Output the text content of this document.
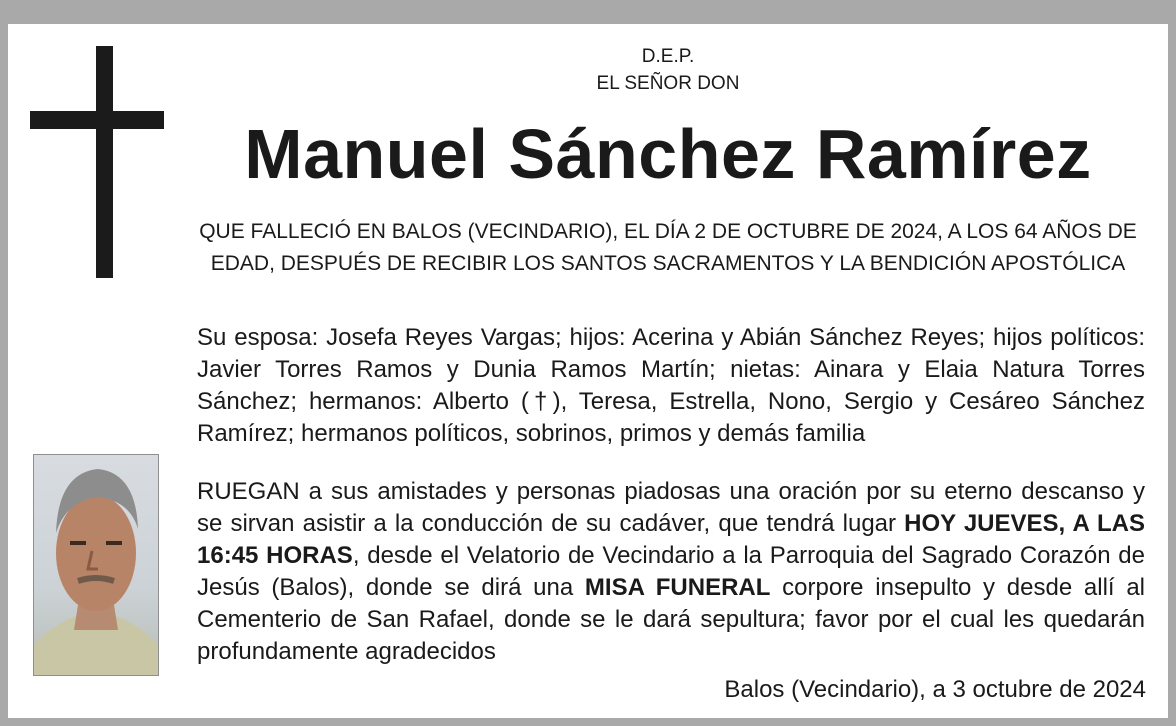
D.E.P.
EL SEÑOR DON
Manuel Sánchez Ramírez
QUE FALLECIÓ EN BALOS (VECINDARIO), EL DÍA 2 DE OCTUBRE DE 2024, A LOS 64 AÑOS DE EDAD, DESPUÉS DE RECIBIR LOS SANTOS SACRAMENTOS Y LA BENDICIÓN APOSTÓLICA
Su esposa: Josefa Reyes Vargas; hijos: Acerina y Abián Sánchez Reyes; hijos políticos: Javier Torres Ramos y Dunia Ramos Martín; nietas: Ainara y Elaia Natura Torres Sánchez; hermanos: Alberto (†), Teresa, Estrella, Nono, Sergio y Cesáreo Sánchez Ramírez; hermanos políticos, sobrinos, primos y demás familia
RUEGAN a sus amistades y personas piadosas una oración por su eterno descanso y se sirvan asistir a la conducción de su cadáver, que tendrá lugar HOY JUEVES, A LAS 16:45 HORAS, desde el Velatorio de Vecindario a la Parroquia del Sagrado Corazón de Jesús (Balos), donde se dirá una MISA FUNERAL corpore insepulto y desde allí al Cementerio de San Rafael, donde se le dará sepultura; favor por el cual les quedarán profundamente agradecidos
Balos (Vecindario), a 3 octubre de 2024
